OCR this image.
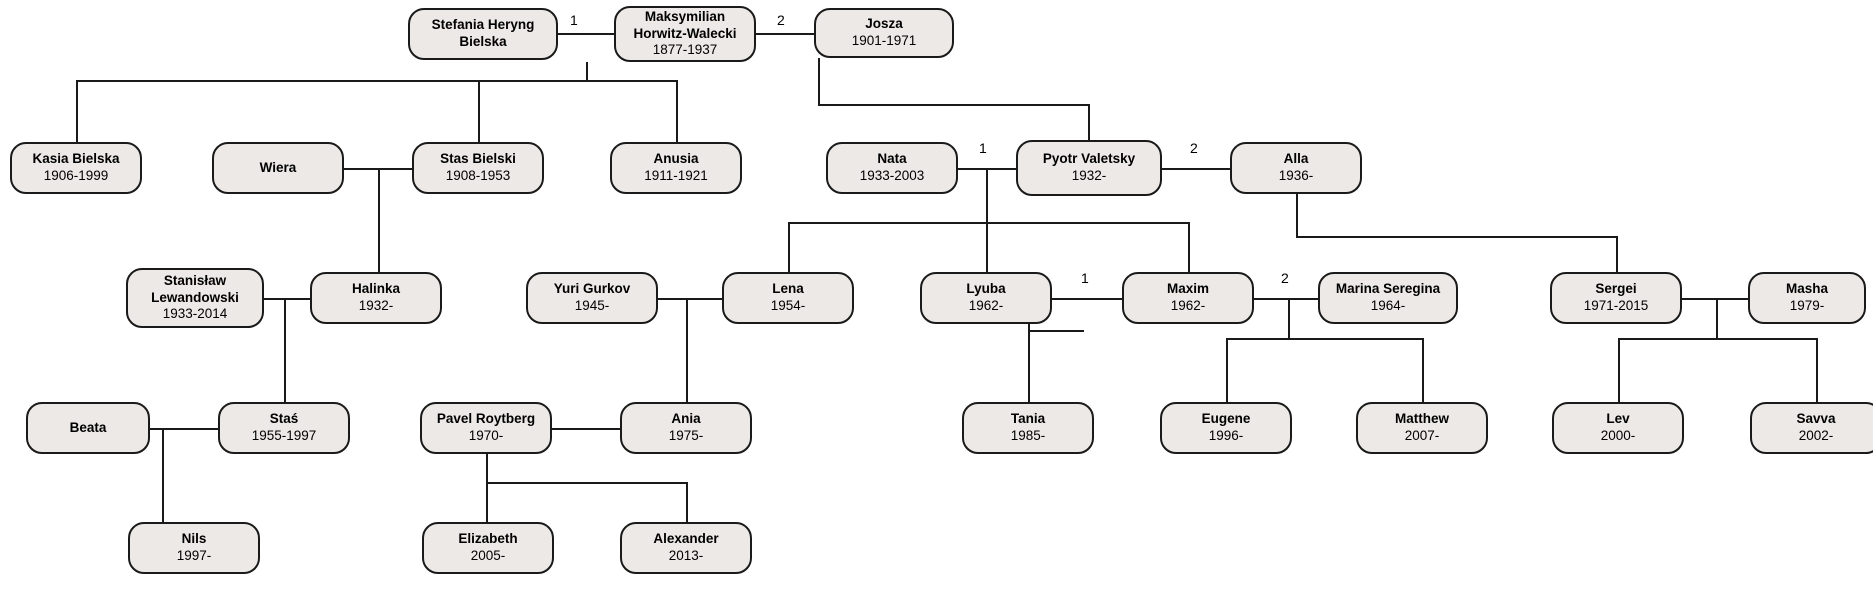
1	2
1	2
1	2
Stefania Heryng
Bielska
Maksymilian
Horwitz-Walecki
1877-1937
Josza
1901-1971
Kasia Bielska
1906-1999
Wiera
Stas Bielski
1908-1953
Anusia
1911-1921
Nata
1933-2003
Pyotr Valetsky
1932-
Alla
1936-
Stanisław
Lewandowski
1933-2014
Halinka
1932-
Yuri Gurkov
1945-
Lena
1954-
Lyuba
1962-
Maxim
1962-
Marina Seregina
1964-
Sergei
1971-2015
Masha
1979-
Beata
Staś
1955-1997
Pavel Roytberg
1970-
Ania
1975-
Tania
1985-
Eugene
1996-
Matthew
2007-
Lev
2000-
Savva
2002-
Nils
1997-
Elizabeth
2005-
Alexander
2013-
